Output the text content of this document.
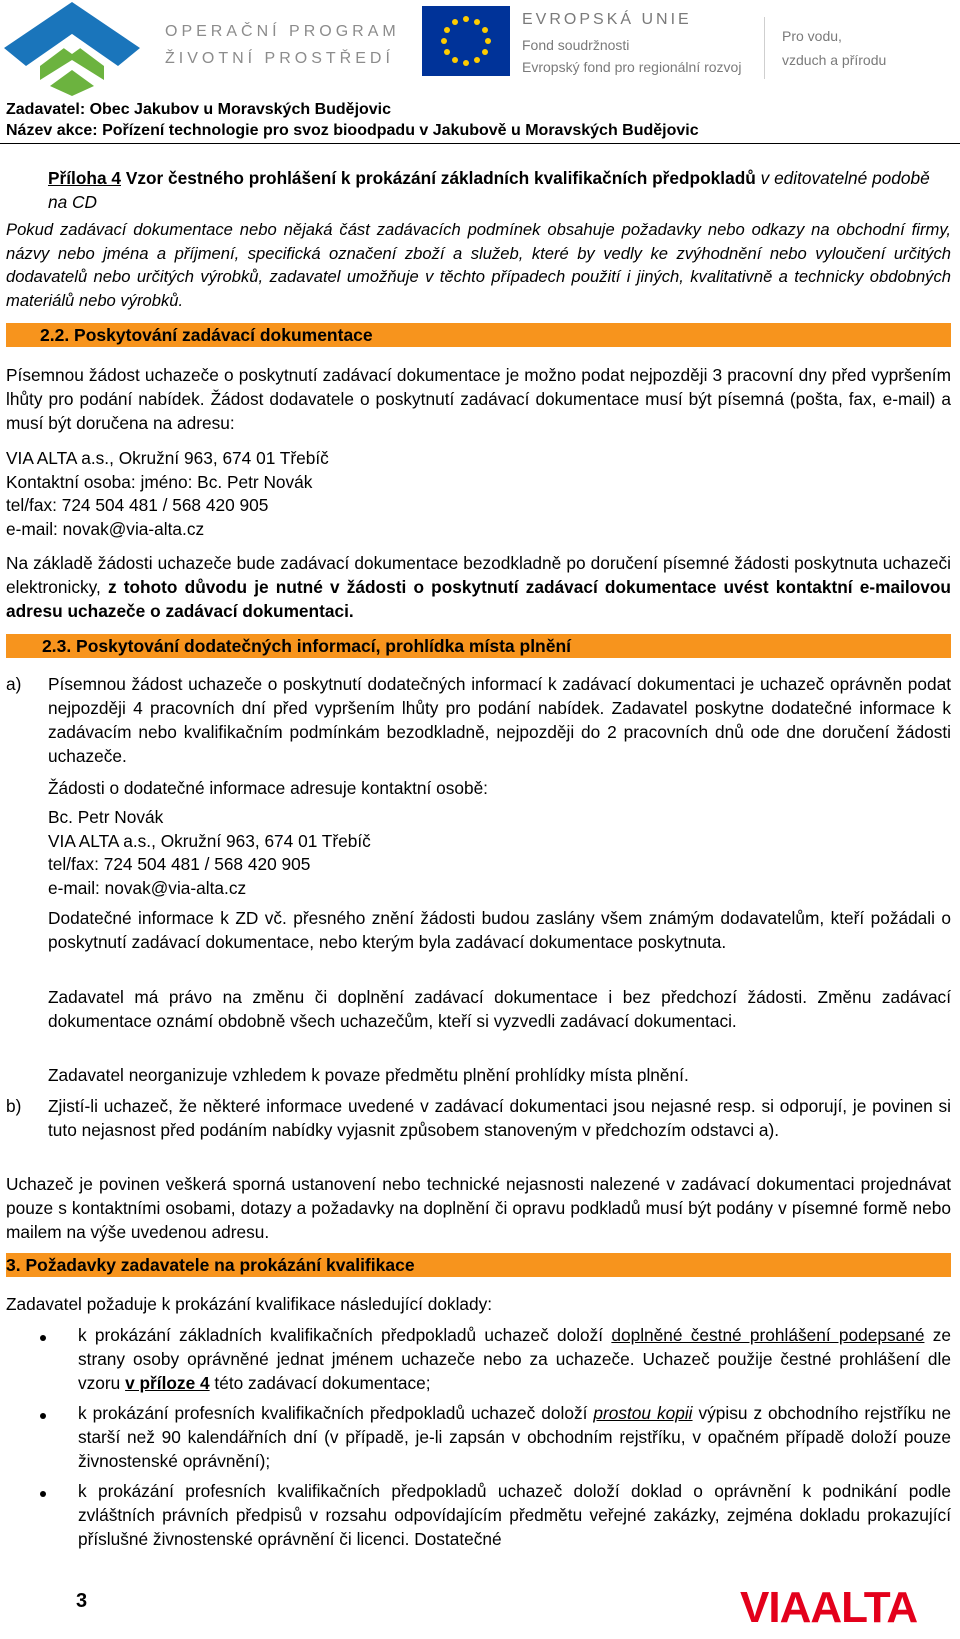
OPERAČNÍ PROGRAM
ŽIVOTNÍ PROSTŘEDÍ
EVROPSKÁ UNIE
Fond soudržnosti
Evropský fond pro regionální rozvoj
Pro vodu,
vzduch a přírodu
Zadavatel: Obec Jakubov u Moravských Budějovic
Název akce: Pořízení technologie pro svoz bioodpadu v Jakubově u Moravských Budějovic
Příloha 4 Vzor čestného prohlášení k prokázání základních kvalifikačních předpokladů v editovatelné podobě na CD
Pokud zadávací dokumentace nebo nějaká část zadávacích podmínek obsahuje požadavky nebo odkazy na obchodní firmy, názvy nebo jména a příjmení, specifická označení zboží a služeb, které by vedly ke zvýhodnění nebo vyloučení určitých dodavatelů nebo určitých výrobků, zadavatel umožňuje v těchto případech použití i jiných, kvalitativně a technicky obdobných materiálů nebo výrobků.
2.2. Poskytování zadávací dokumentace
Písemnou žádost uchazeče o poskytnutí zadávací dokumentace je možno podat nejpozději 3 pracovní dny před vypršením lhůty pro podání nabídek. Žádost dodavatele o poskytnutí zadávací dokumentace musí být písemná (pošta, fax, e-mail) a musí být doručena na adresu:
VIA ALTA a.s., Okružní 963, 674 01 Třebíč
Kontaktní osoba: jméno: Bc. Petr Novák
tel/fax: 724 504 481 / 568 420 905
e-mail: novak@via-alta.cz
Na základě žádosti uchazeče bude zadávací dokumentace bezodkladně po doručení písemné žádosti poskytnuta uchazeči elektronicky, z tohoto důvodu je nutné v žádosti o poskytnutí zadávací dokumentace uvést kontaktní e-mailovou adresu uchazeče o zadávací dokumentaci.
2.3. Poskytování dodatečných informací, prohlídka místa plnění
a) Písemnou žádost uchazeče o poskytnutí dodatečných informací k zadávací dokumentaci je uchazeč oprávněn podat nejpozději 4 pracovních dní před vypršením lhůty pro podání nabídek. Zadavatel poskytne dodatečné informace k zadávacím nebo kvalifikačním podmínkám bezodkladně, nejpozději do 2 pracovních dnů ode dne doručení žádosti uchazeče.
Žádosti o dodatečné informace adresuje kontaktní osobě:
Bc. Petr Novák
VIA ALTA a.s., Okružní 963, 674 01 Třebíč
tel/fax: 724 504 481 / 568 420 905
e-mail: novak@via-alta.cz
Dodatečné informace k ZD vč. přesného znění žádosti budou zaslány všem známým dodavatelům, kteří požádali o poskytnutí zadávací dokumentace, nebo kterým byla zadávací dokumentace poskytnuta.
Zadavatel má právo na změnu či doplnění zadávací dokumentace i bez předchozí žádosti. Změnu zadávací dokumentace oznámí obdobně všech uchazečům, kteří si vyzvedli zadávací dokumentaci.
Zadavatel neorganizuje vzhledem k povaze předmětu plnění prohlídky místa plnění.
b) Zjistí-li uchazeč, že některé informace uvedené v zadávací dokumentaci jsou nejasné resp. si odporují, je povinen si tuto nejasnost před podáním nabídky vyjasnit způsobem stanoveným v předchozím odstavci a).
Uchazeč je povinen veškerá sporná ustanovení nebo technické nejasnosti nalezené v zadávací dokumentaci projednávat pouze s kontaktními osobami, dotazy a požadavky na doplnění či opravu podkladů musí být podány v písemné formě nebo mailem na výše uvedenou adresu.
3. Požadavky zadavatele na prokázání kvalifikace
Zadavatel požaduje k prokázání kvalifikace následující doklady:
k prokázání základních kvalifikačních předpokladů uchazeč doloží doplněné čestné prohlášení podepsané ze strany osoby oprávněné jednat jménem uchazeče nebo za uchazeče. Uchazeč použije čestné prohlášení dle vzoru v příloze 4 této zadávací dokumentace;
k prokázání profesních kvalifikačních předpokladů uchazeč doloží prostou kopii výpisu z obchodního rejstříku ne starší než 90 kalendářních dní (v případě, je-li zapsán v obchodním rejstříku, v opačném případě doloží pouze živnostenské oprávnění);
k prokázání profesních kvalifikačních předpokladů uchazeč doloží doklad o oprávnění k podnikání podle zvláštních právních předpisů v rozsahu odpovídajícím předmětu veřejné zakázky, zejména dokladu prokazující příslušné živnostenské oprávnění či licenci. Dostatečné
3	VIAALTA
